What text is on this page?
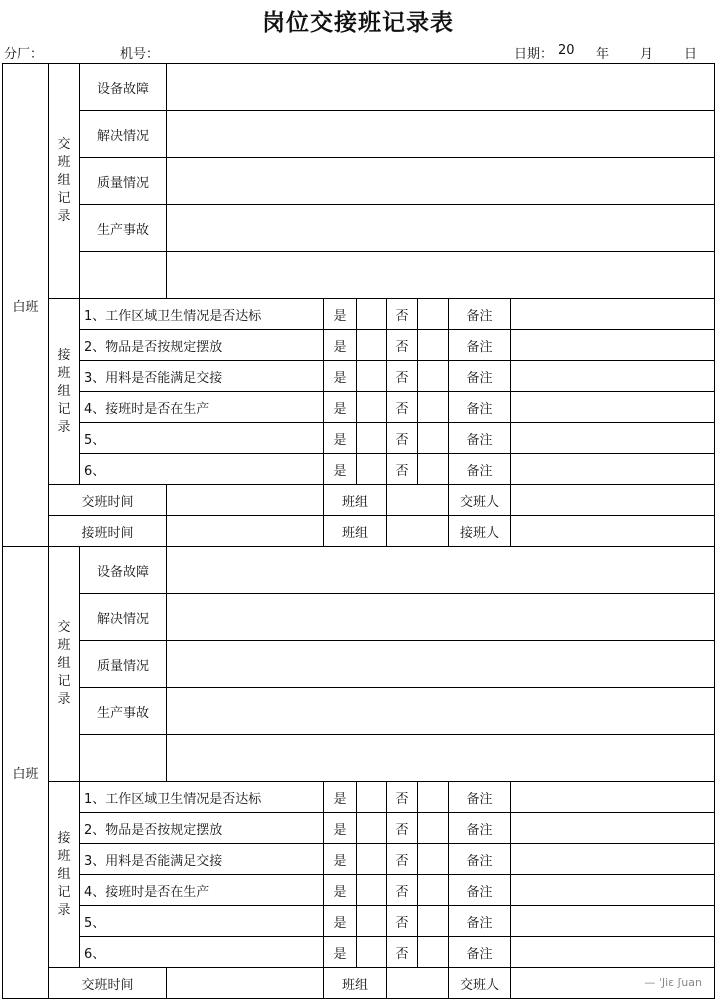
岗位交接班记录表
分厂：	机号：	日期： 20 年 月 日
白班	交
班
组
记
录	设备故障							
		解决情况							
		质量情况							
		生产事故							

	接
班
组
记
录	1、工作区域卫生情况是否达标		是		否		备注	
		2、物品是否按规定摆放		是		否		备注	
		3、用料是否能满足交接		是		否		备注	
		4、接班时是否在生产		是		否		备注	
		5、		是		否		备注	
		6、		是		否		备注	
	交班时间			班组				交班人	
	接班时间			班组				接班人	
白班	交
班
组
记
录	设备故障							
		解决情况							
		质量情况							
		生产事故							

	接
班
组
记
录	1、工作区域卫生情况是否达标		是		否		备注	
		2、物品是否按规定摆放		是		否		备注	
		3、用料是否能满足交接		是		否		备注	
		4、接班时是否在生产		是		否		备注	
		5、		是		否		备注	
		6、		是		否		备注	
	交班时间			班组				交班人		— ˈJiɛ ʃuan
